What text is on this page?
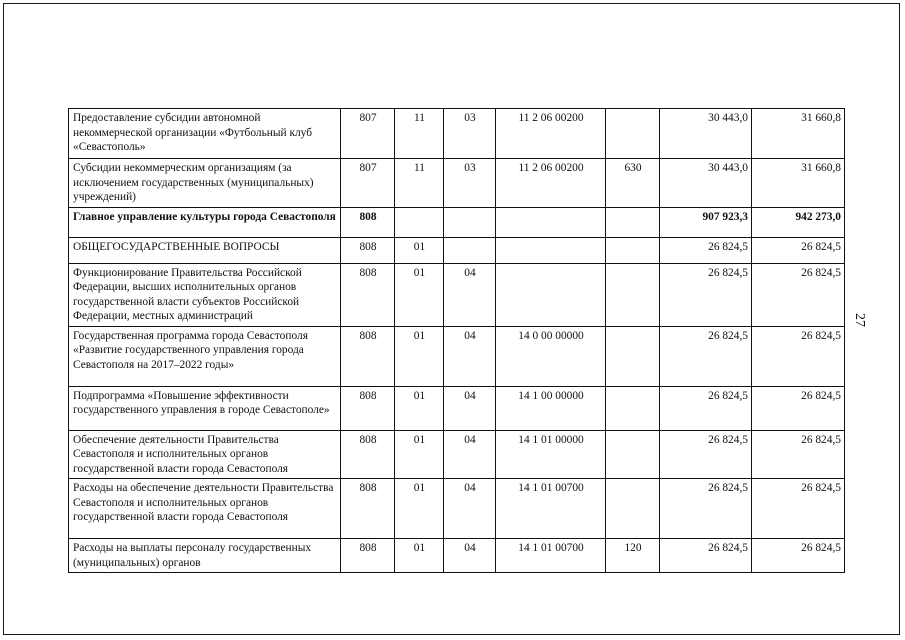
27
Предоставление субсидии автономной некоммерческой организации «Футбольный клуб «Севастополь»	807	11	03	11 2 06 00200		30 443,0	31 660,8
Субсидии некоммерческим организациям (за исключением государственных (муниципальных) учреждений)	807	11	03	11 2 06 00200	630	30 443,0	31 660,8
Главное управление культуры города Севастополя	808					907 923,3	942 273,0
ОБЩЕГОСУДАРСТВЕННЫЕ ВОПРОСЫ	808	01				26 824,5	26 824,5
Функционирование Правительства Российской Федерации, высших исполнительных органов государственной власти субъектов Российской Федерации, местных администраций	808	01	04			26 824,5	26 824,5
Государственная программа города Севастополя «Развитие государственного управления города Севастополя на 2017–2022 годы»	808	01	04	14 0 00 00000		26 824,5	26 824,5
Подпрограмма «Повышение эффективности государственного управления в городе Севастополе»	808	01	04	14 1 00 00000		26 824,5	26 824,5
Обеспечение деятельности Правительства Севастополя и исполнительных органов государственной власти города Севастополя	808	01	04	14 1 01 00000		26 824,5	26 824,5
Расходы на обеспечение деятельности Правительства Севастополя и исполнительных органов государственной власти города Севастополя	808	01	04	14 1 01 00700		26 824,5	26 824,5
Расходы на выплаты персоналу государственных (муниципальных) органов	808	01	04	14 1 01 00700	120	26 824,5	26 824,5
